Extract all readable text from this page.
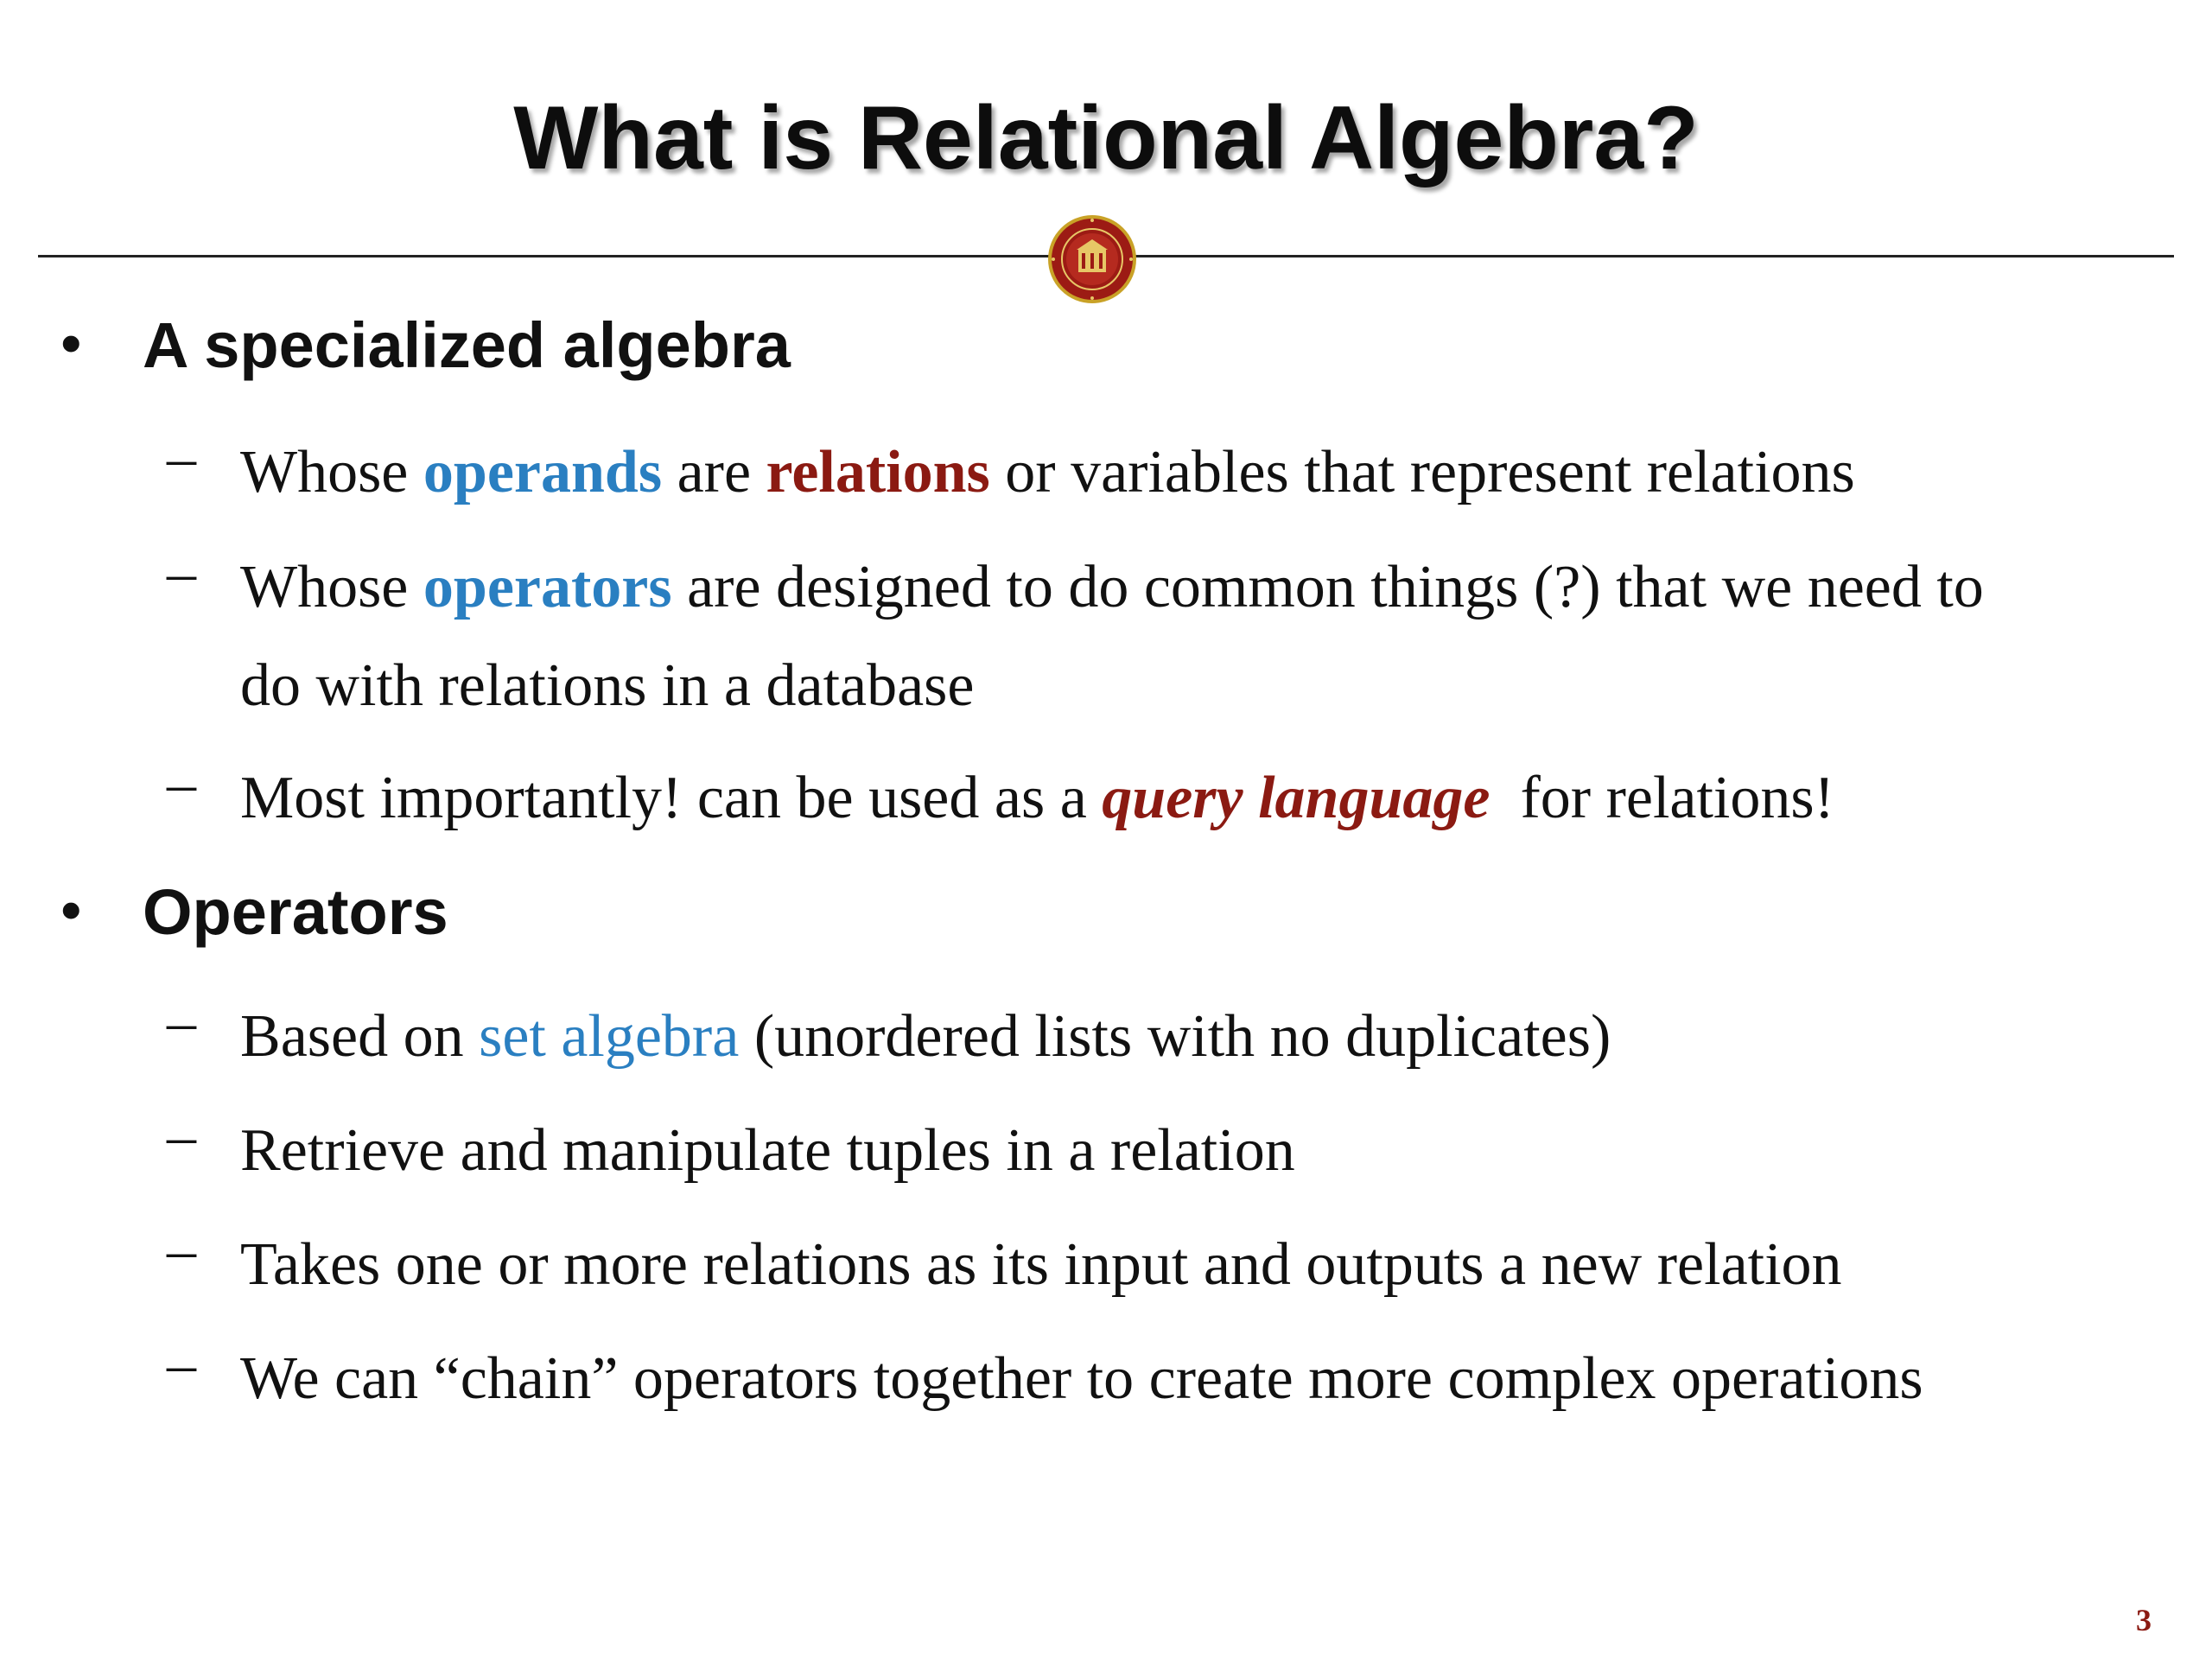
What is Relational Algebra?
• A specialized algebra
– Whose operands are relations or variables that represent relations
– Whose operators are designed to do common things (?) that we need to
do with relations in a database
– Most importantly! can be used as a query language  for relations!
• Operators
– Based on set algebra (unordered lists with no duplicates)
– Retrieve and manipulate tuples in a relation
– Takes one or more relations as its input and outputs a new relation
– We can “chain” operators together to create more complex operations
3
